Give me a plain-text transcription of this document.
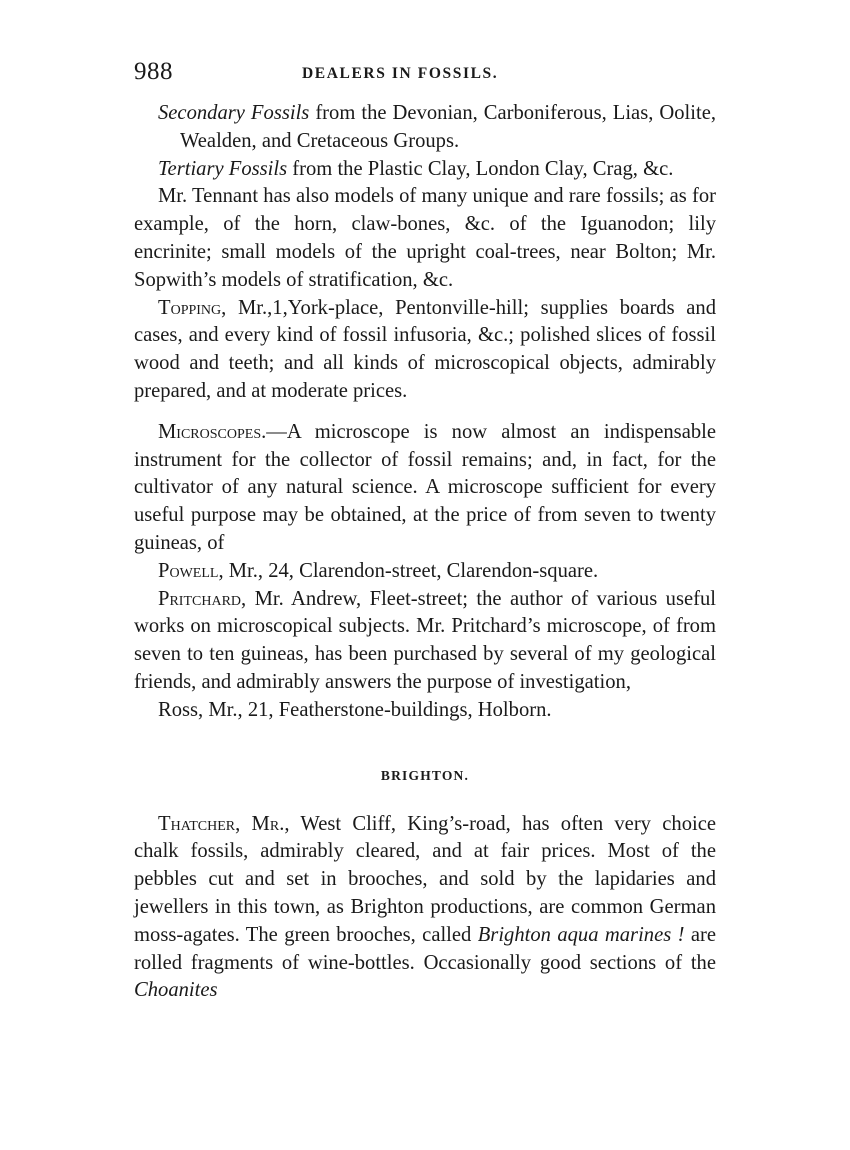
988	DEALERS IN FOSSILS.

Secondary Fossils from the Devonian, Carboniferous, Lias, Oolite, Wealden, and Cretaceous Groups.

Tertiary Fossils from the Plastic Clay, London Clay, Crag, &c.

Mr. Tennant has also models of many unique and rare fossils; as for example, of the horn, claw-bones, &c. of the Iguanodon; lily encrinite; small models of the upright coal-trees, near Bolton; Mr. Sopwith’s models of stratification, &c.

Topping, Mr.,1,York-place, Pentonville-hill; supplies boards and cases, and every kind of fossil infusoria, &c.; polished slices of fossil wood and teeth; and all kinds of microscopical objects, admirably prepared, and at moderate prices.

Microscopes.—A microscope is now almost an indispensable instrument for the collector of fossil remains; and, in fact, for the cultivator of any natural science. A microscope sufficient for every useful purpose may be obtained, at the price of from seven to twenty guineas, of

Powell, Mr., 24, Clarendon-street, Clarendon-square.

Pritchard, Mr. Andrew, Fleet-street; the author of various useful works on microscopical subjects. Mr. Pritchard’s microscope, of from seven to ten guineas, has been purchased by several of my geological friends, and admirably answers the purpose of investigation,

Ross, Mr., 21, Featherstone-buildings, Holborn.

BRIGHTON.

Thatcher, Mr., West Cliff, King’s-road, has often very choice chalk fossils, admirably cleared, and at fair prices. Most of the pebbles cut and set in brooches, and sold by the lapidaries and jewellers in this town, as Brighton productions, are common German moss-agates. The green brooches, called Brighton aqua marines ! are rolled fragments of wine-bottles. Occasionally good sections of the Choanites
